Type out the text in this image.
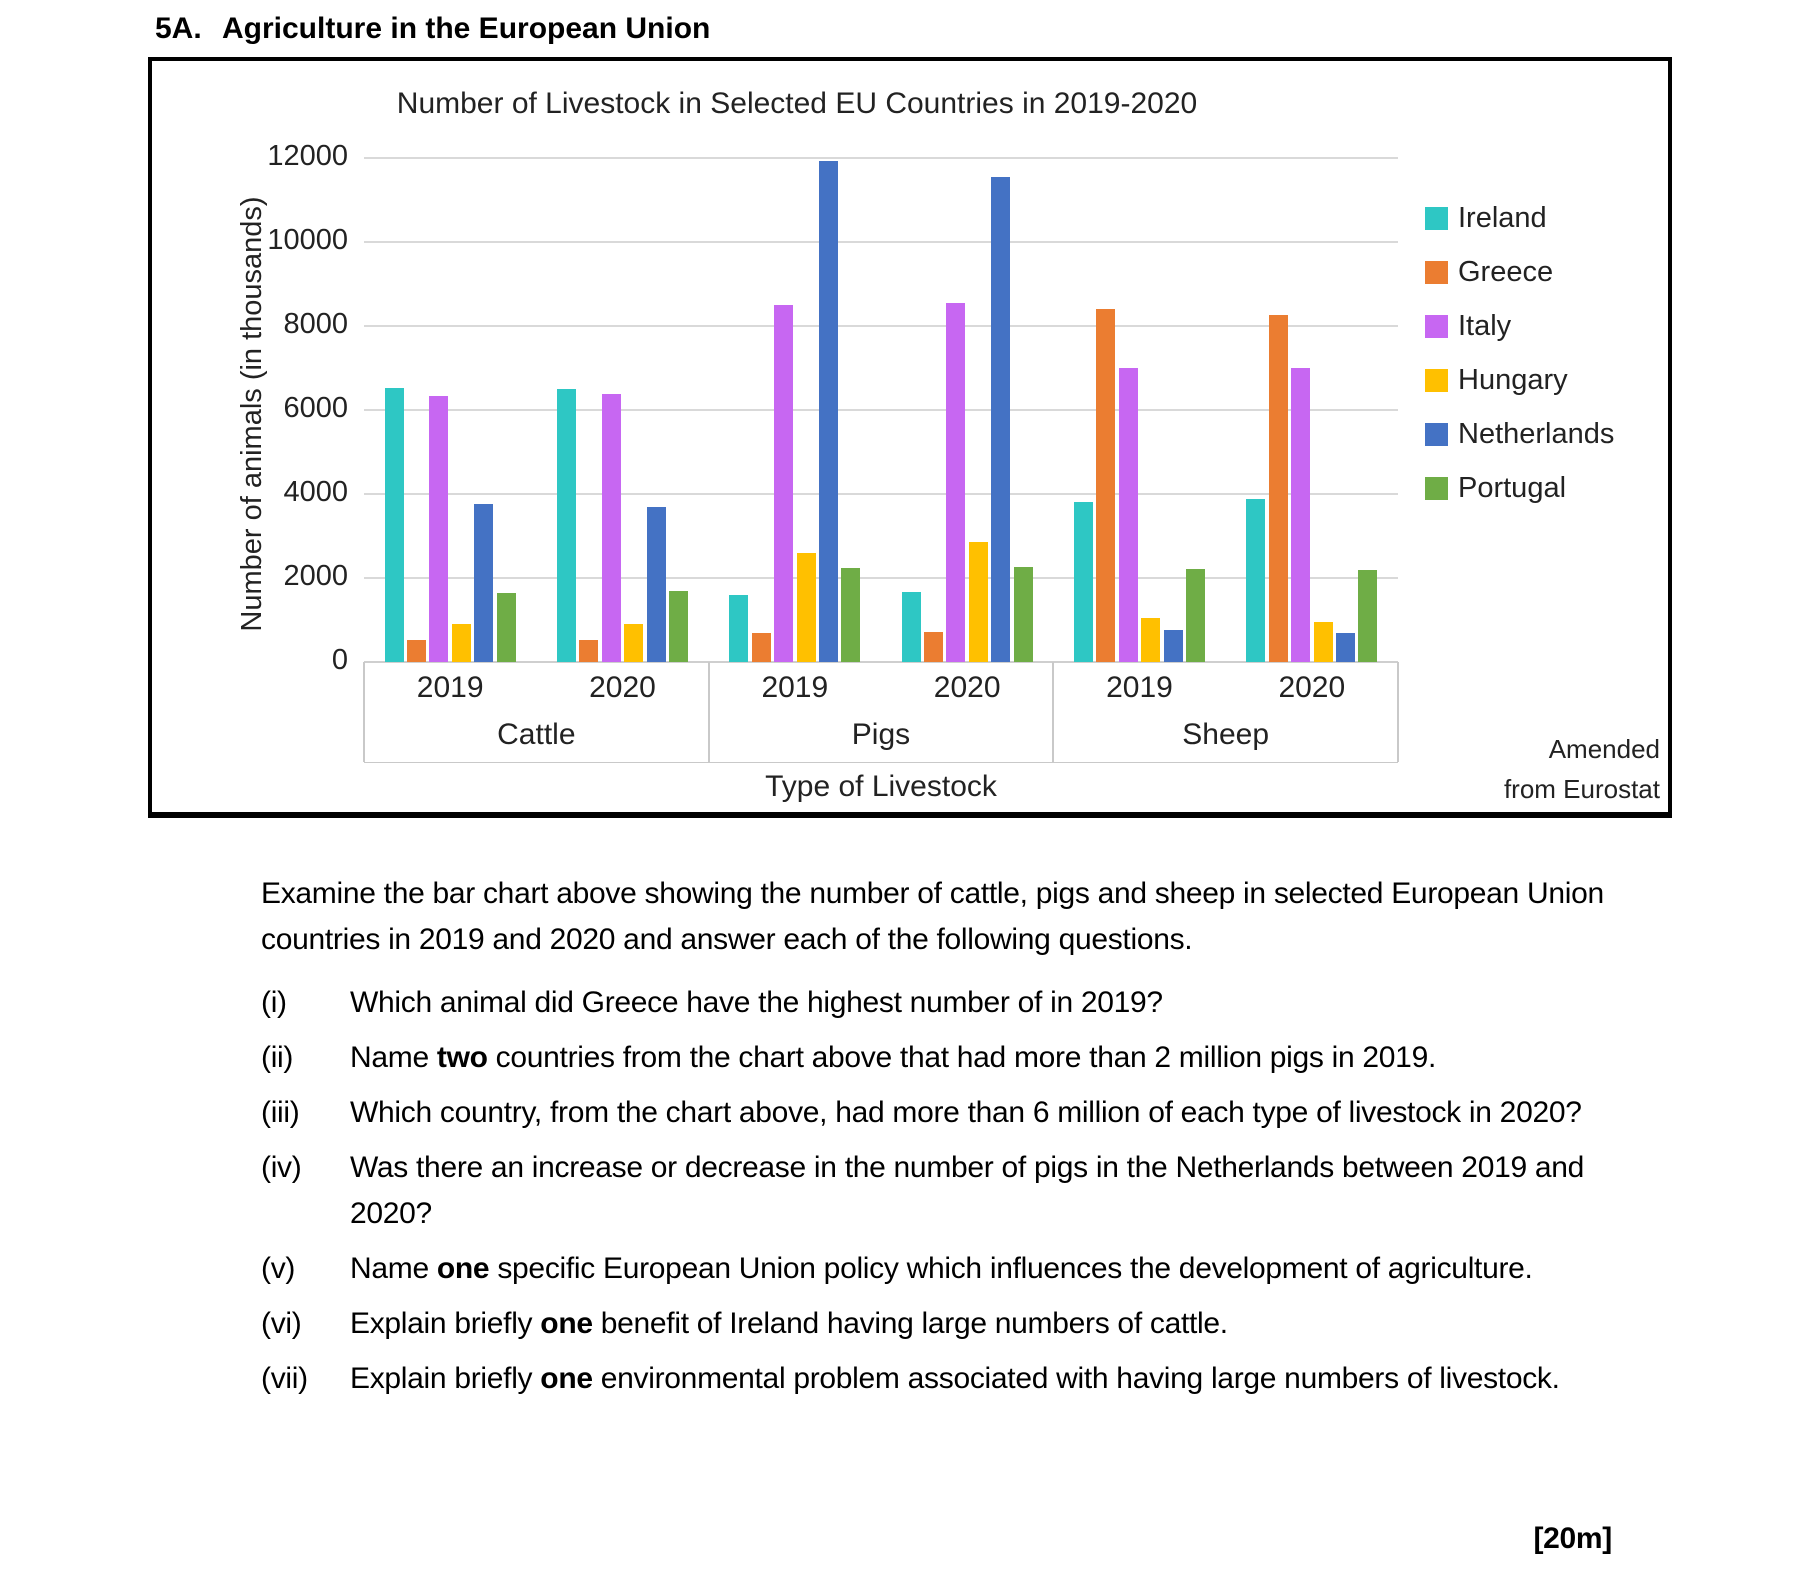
5A. Agriculture in the European Union
Number of Livestock in Selected EU Countries in 2019-2020
Number of animals (in thousands)
Type of Livestock
Ireland
Greece
Italy
Hungary
Netherlands
Portugal
Amended
from Eurostat
12000
10000
8000
6000
4000
2000
0
2019	2020	2019	2020	2019	2020
Cattle	Pigs	Sheep

Examine the bar chart above showing the number of cattle, pigs and sheep in selected European Union countries in 2019 and 2020 and answer each of the following questions.

(i)	Which animal did Greece have the highest number of in 2019?
(ii)	Name two countries from the chart above that had more than 2 million pigs in 2019.
(iii)	Which country, from the chart above, had more than 6 million of each type of livestock in 2020?
(iv)	Was there an increase or decrease in the number of pigs in the Netherlands between 2019 and 2020?
(v)	Name one specific European Union policy which influences the development of agriculture.
(vi)	Explain briefly one benefit of Ireland having large numbers of cattle.
(vii)	Explain briefly one environmental problem associated with having large numbers of livestock.
[20m]
